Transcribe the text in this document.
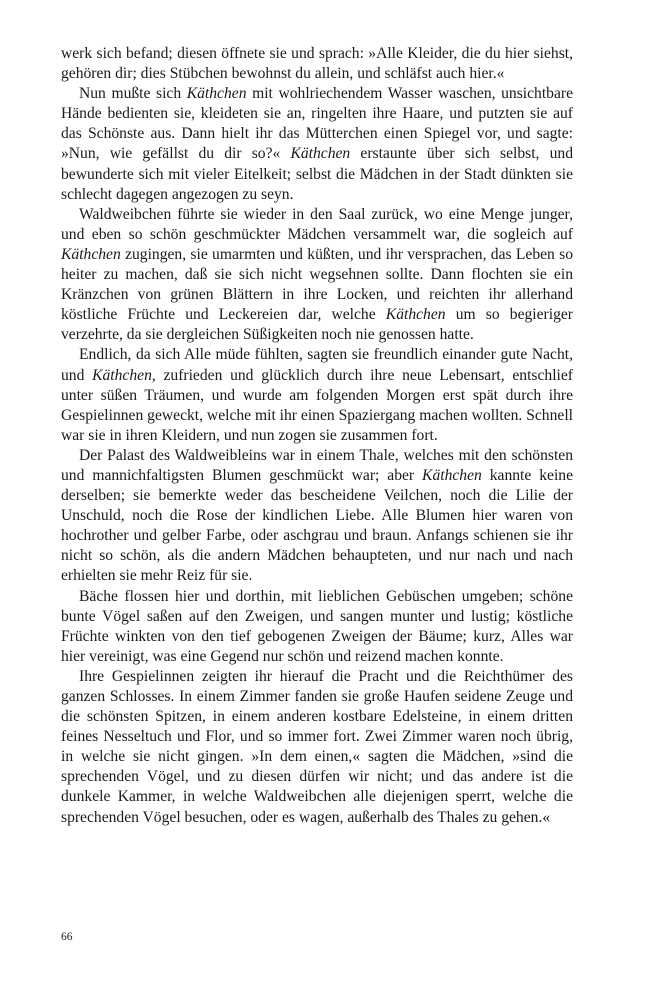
werk sich befand; diesen öffnete sie und sprach: »Alle Kleider, die du hier siehst, gehören dir; dies Stübchen bewohnst du allein, und schläfst auch hier.«

Nun mußte sich Käthchen mit wohlriechendem Wasser waschen, unsichtbare Hände bedienten sie, kleideten sie an, ringelten ihre Haare, und putzten sie auf das Schönste aus. Dann hielt ihr das Mütterchen einen Spiegel vor, und sagte: »Nun, wie gefällst du dir so?« Käthchen erstaunte über sich selbst, und bewunderte sich mit vieler Eitelkeit; selbst die Mädchen in der Stadt dünkten sie schlecht dagegen angezogen zu seyn.

Waldweibchen führte sie wieder in den Saal zurück, wo eine Menge junger, und eben so schön geschmückter Mädchen versammelt war, die sogleich auf Käthchen zugingen, sie umarmten und küßten, und ihr versprachen, das Leben so heiter zu machen, daß sie sich nicht wegsehnen sollte. Dann flochten sie ein Kränzchen von grünen Blättern in ihre Locken, und reichten ihr allerhand köstliche Früchte und Leckereien dar, welche Käthchen um so begieriger verzehrte, da sie dergleichen Süßigkeiten noch nie genossen hatte.

Endlich, da sich Alle müde fühlten, sagten sie freundlich einander gute Nacht, und Käthchen, zufrieden und glücklich durch ihre neue Lebensart, entschlief unter süßen Träumen, und wurde am folgenden Morgen erst spät durch ihre Gespielinnen geweckt, welche mit ihr einen Spaziergang machen wollten. Schnell war sie in ihren Kleidern, und nun zogen sie zusammen fort.

Der Palast des Waldweibleins war in einem Thale, welches mit den schönsten und mannichfaltigsten Blumen geschmückt war; aber Käthchen kannte keine derselben; sie bemerkte weder das bescheidene Veilchen, noch die Lilie der Unschuld, noch die Rose der kindlichen Liebe. Alle Blumen hier waren von hochrother und gelber Farbe, oder aschgrau und braun. Anfangs schienen sie ihr nicht so schön, als die andern Mädchen behaupteten, und nur nach und nach erhielten sie mehr Reiz für sie.

Bäche flossen hier und dorthin, mit lieblichen Gebüschen umgeben; schöne bunte Vögel saßen auf den Zweigen, und sangen munter und lustig; köstliche Früchte winkten von den tief gebogenen Zweigen der Bäume; kurz, Alles war hier vereinigt, was eine Gegend nur schön und reizend machen konnte.

Ihre Gespielinnen zeigten ihr hierauf die Pracht und die Reichthümer des ganzen Schlosses. In einem Zimmer fanden sie große Haufen seidene Zeuge und die schönsten Spitzen, in einem anderen kostbare Edelsteine, in einem dritten feines Nesseltuch und Flor, und so immer fort. Zwei Zimmer waren noch übrig, in welche sie nicht gingen. »In dem einen,« sagten die Mädchen, »sind die sprechenden Vögel, und zu diesen dürfen wir nicht; und das andere ist die dunkele Kammer, in welche Waldweibchen alle diejenigen sperrt, welche die sprechenden Vögel besuchen, oder es wagen, außerhalb des Thales zu gehen.«

66
